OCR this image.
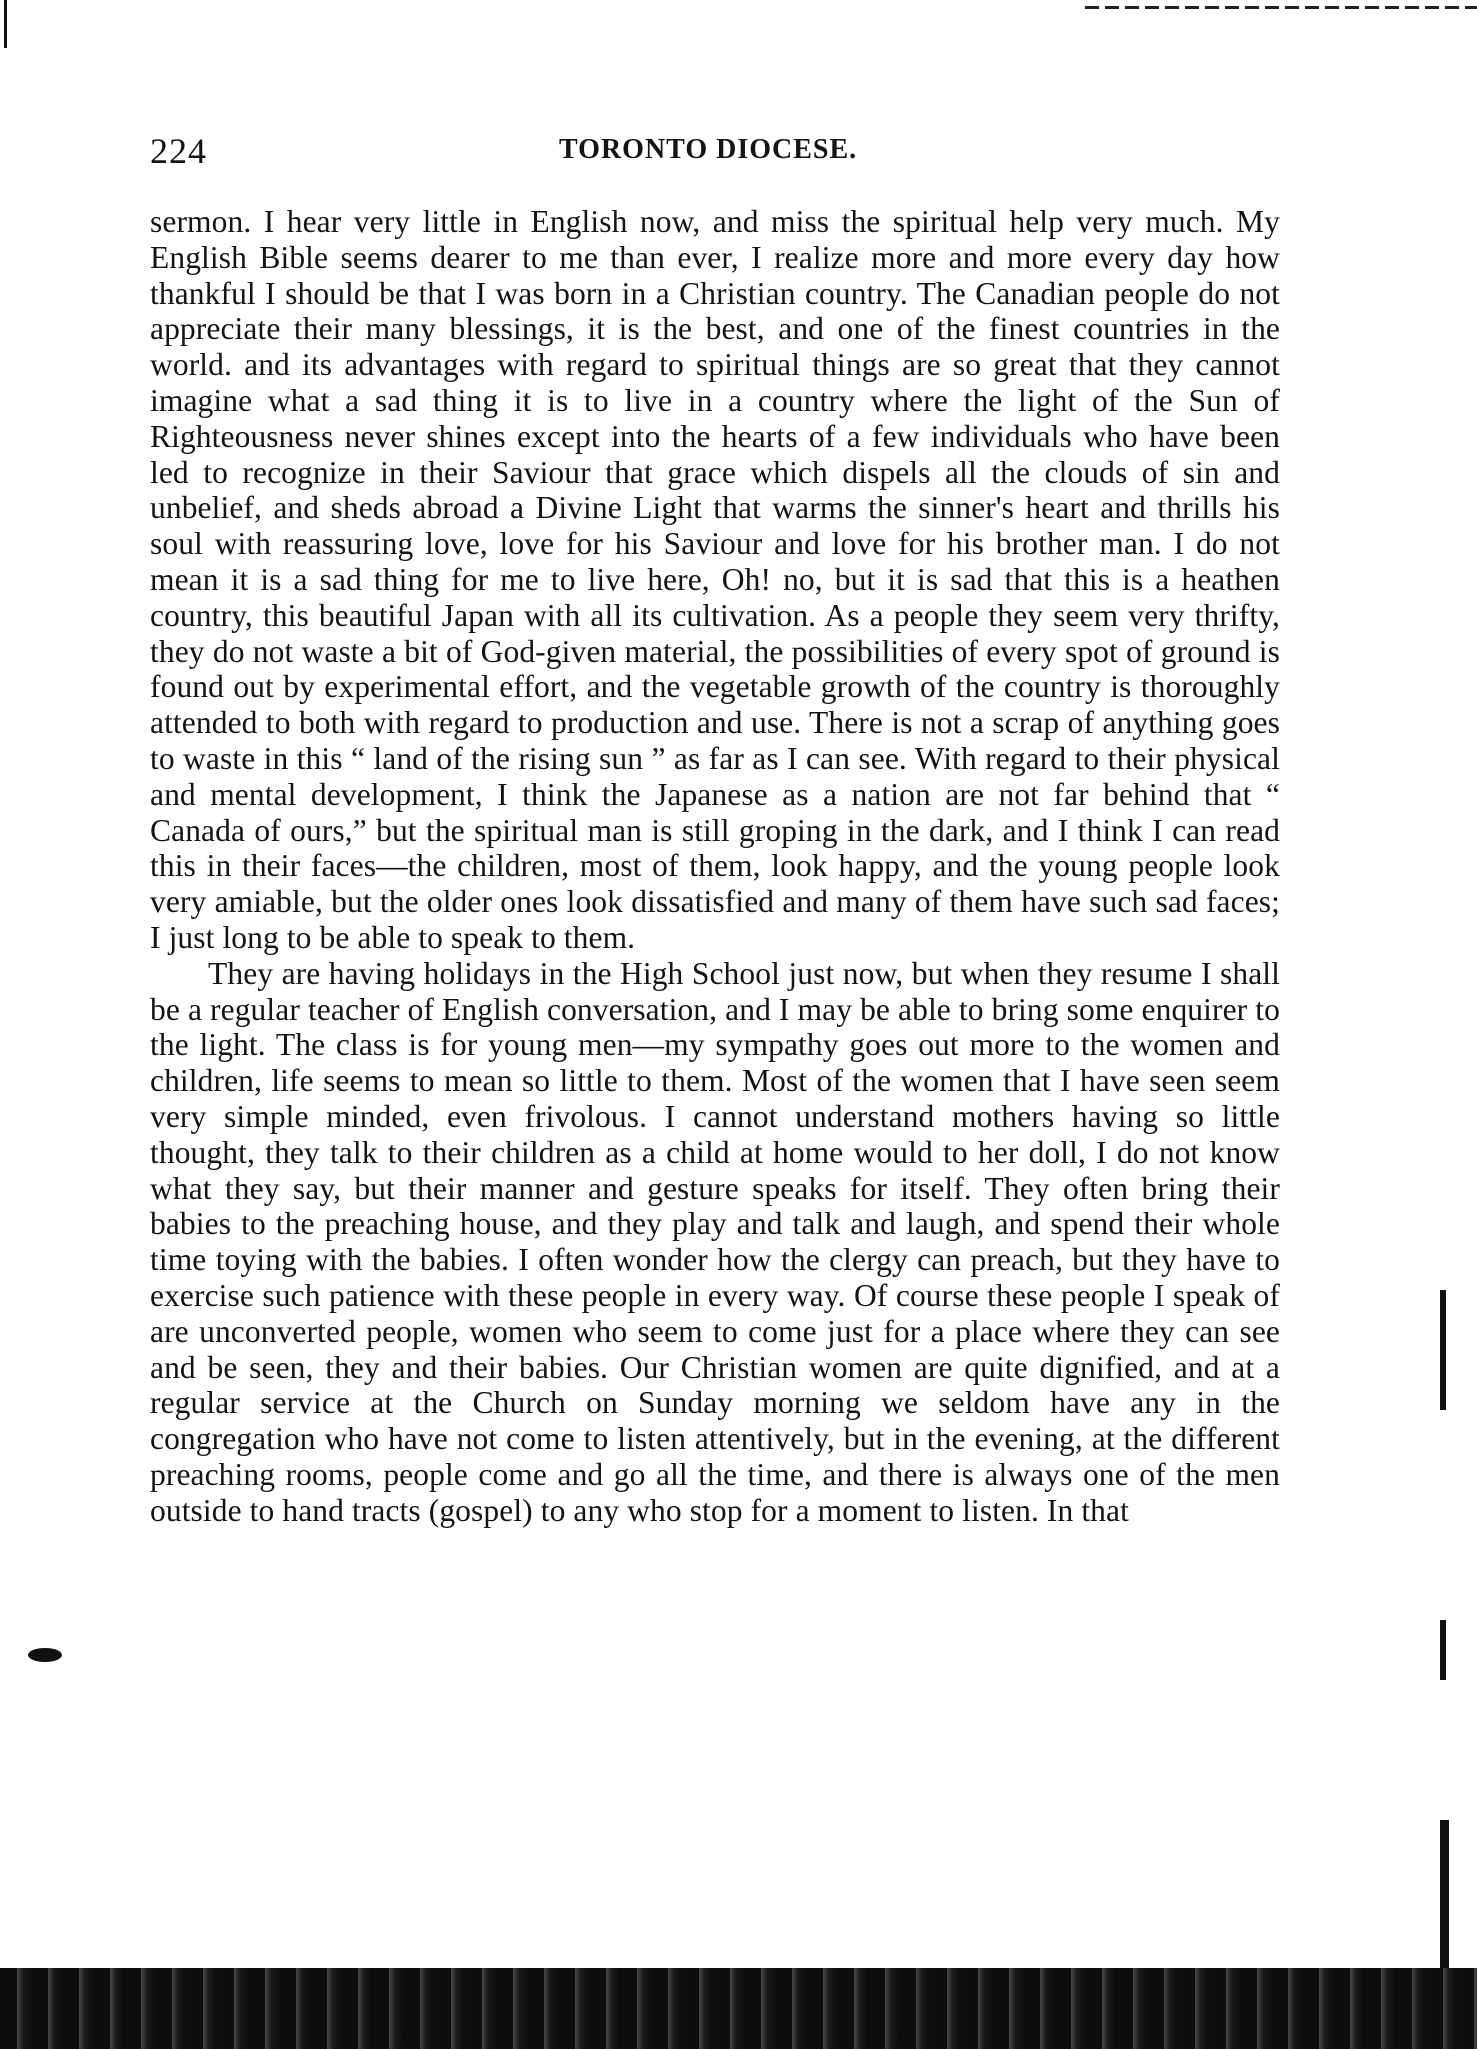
224	TORONTO DIOCESE.

sermon. I hear very little in English now, and miss the spiritual help very much. My English Bible seems dearer to me than ever, I realize more and more every day how thankful I should be that I was born in a Christian country. The Canadian people do not appreciate their many blessings, it is the best, and one of the finest countries in the world. and its advantages with regard to spiritual things are so great that they cannot imagine what a sad thing it is to live in a country where the light of the Sun of Righteousness never shines except into the hearts of a few individuals who have been led to recognize in their Saviour that grace which dispels all the clouds of sin and unbelief, and sheds abroad a Divine Light that warms the sinner's heart and thrills his soul with reassuring love, love for his Saviour and love for his brother man. I do not mean it is a sad thing for me to live here, Oh! no, but it is sad that this is a heathen country, this beautiful Japan with all its cultivation. As a people they seem very thrifty, they do not waste a bit of God-given material, the possibilities of every spot of ground is found out by experimental effort, and the vegetable growth of the country is thoroughly attended to both with regard to production and use. There is not a scrap of anything goes to waste in this “ land of the rising sun ” as far as I can see. With regard to their physical and mental development, I think the Japanese as a nation are not far behind that “ Canada of ours,” but the spiritual man is still groping in the dark, and I think I can read this in their faces—the children, most of them, look happy, and the young people look very amiable, but the older ones look dissatisfied and many of them have such sad faces; I just long to be able to speak to them.

They are having holidays in the High School just now, but when they resume I shall be a regular teacher of English conversation, and I may be able to bring some enquirer to the light. The class is for young men—my sympathy goes out more to the women and children, life seems to mean so little to them. Most of the women that I have seen seem very simple minded, even frivolous. I cannot understand mothers having so little thought, they talk to their children as a child at home would to her doll, I do not know what they say, but their manner and gesture speaks for itself. They often bring their babies to the preaching house, and they play and talk and laugh, and spend their whole time toying with the babies. I often wonder how the clergy can preach, but they have to exercise such patience with these people in every way. Of course these people I speak of are unconverted people, women who seem to come just for a place where they can see and be seen, they and their babies. Our Christian women are quite dignified, and at a regular service at the Church on Sunday morning we seldom have any in the congregation who have not come to listen attentively, but in the evening, at the different preaching rooms, people come and go all the time, and there is always one of the men outside to hand tracts (gospel) to any who stop for a moment to listen. In that
